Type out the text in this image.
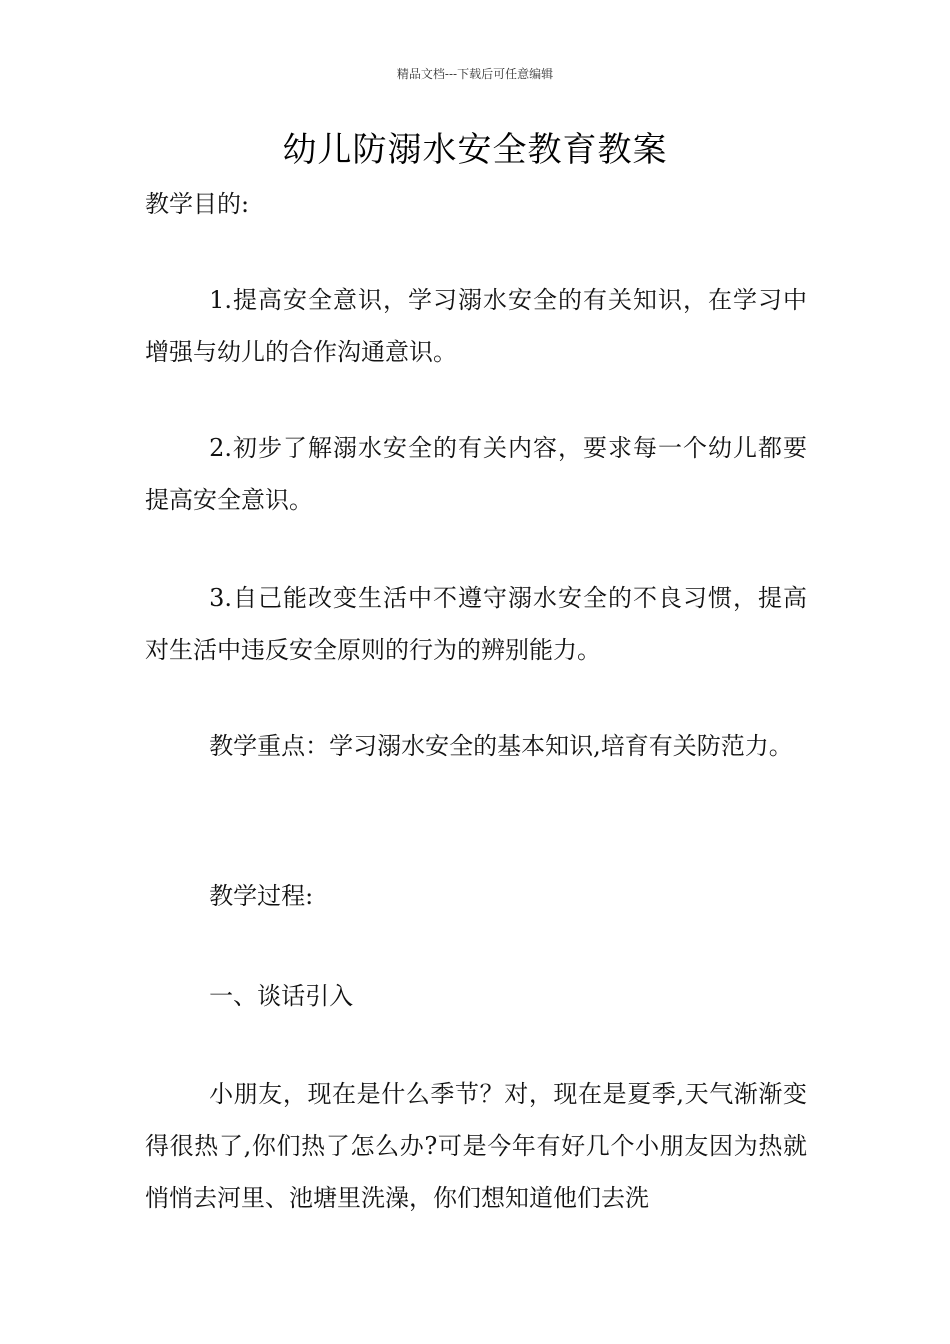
精品文档---下载后可任意编辑
幼儿防溺水安全教育教案

教学目的:

1.提高安全意识，学习溺水安全的有关知识，在学习中增强与幼儿的合作沟通意识。

2.初步了解溺水安全的有关内容，要求每一个幼儿都要提高安全意识。

3.自己能改变生活中不遵守溺水安全的不良习惯，提高对生活中违反安全原则的行为的辨别能力。

教学重点：学习溺水安全的基本知识,培育有关防范力。

教学过程:

一、谈话引入

小朋友，现在是什么季节？对，现在是夏季,天气渐渐变得很热了,你们热了怎么办?可是今年有好几个小朋友因为热就悄悄去河里、池塘里洗澡，你们想知道他们去洗
